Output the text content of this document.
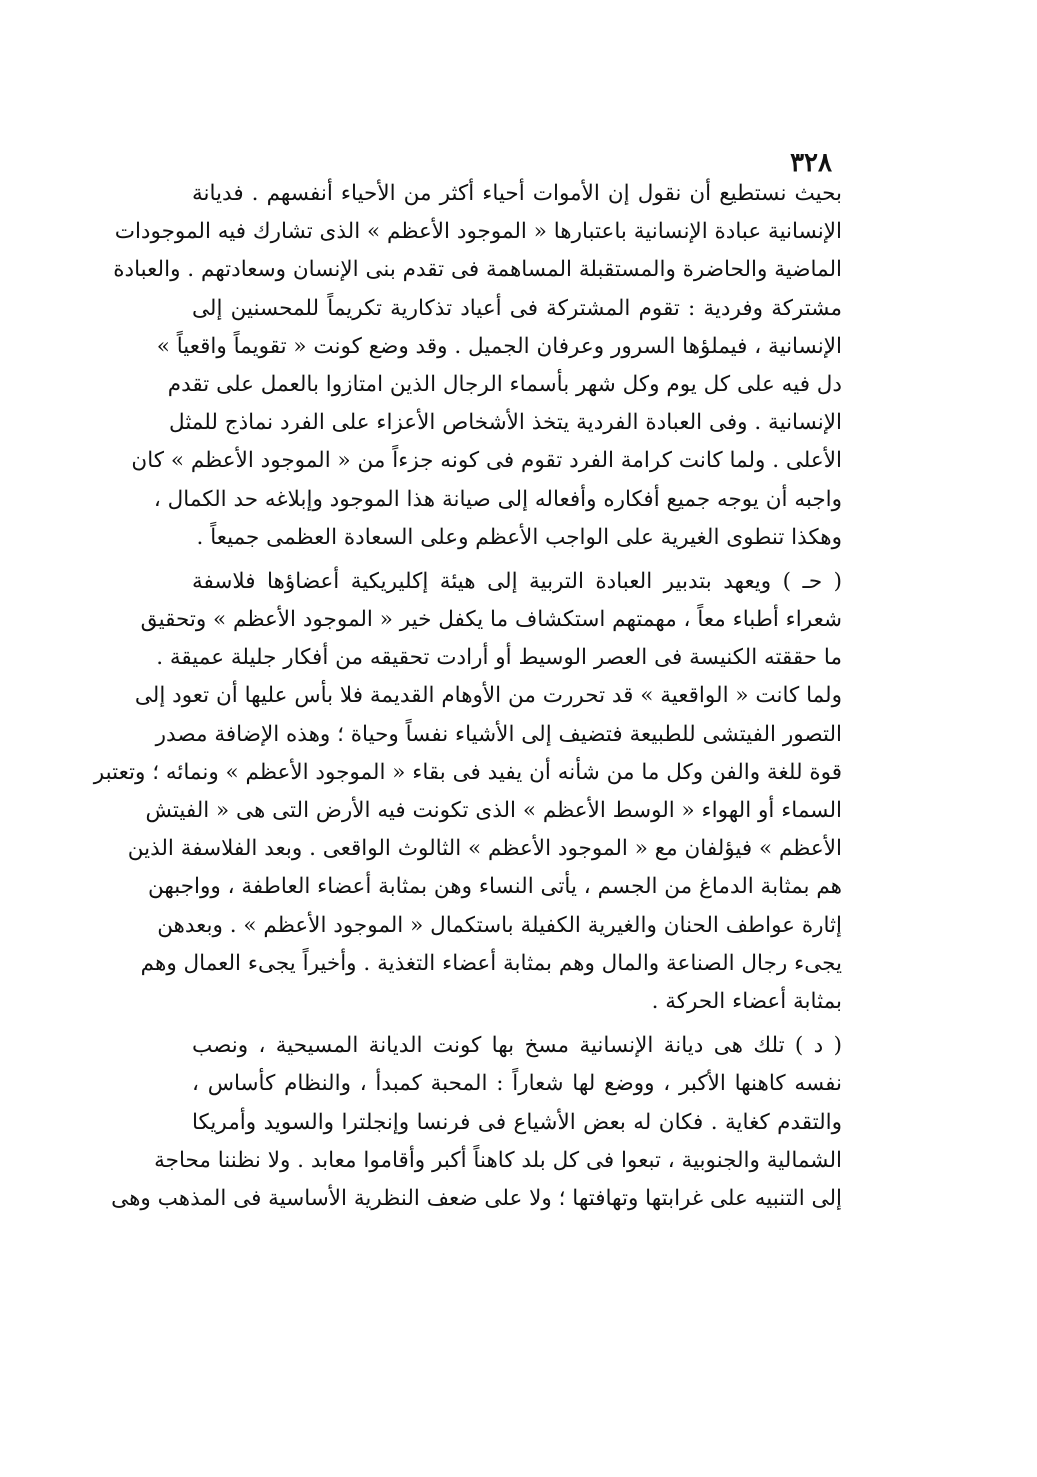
٣٢٨
بحيث نستطيع أن نقول إن الأموات أحياء أكثر من الأحياء أنفسهم . فديانة
الإنسانية عبادة الإنسانية باعتبارها « الموجود الأعظم » الذى تشارك فيه الموجودات
الماضية والحاضرة والمستقبلة المساهمة فى تقدم بنى الإنسان وسعادتهم . والعبادة
مشتركة وفردية : تقوم المشتركة فى أعياد تذكارية تكريماً للمحسنين إلى
الإنسانية ، فيملؤها السرور وعرفان الجميل . وقد وضع كونت « تقويماً واقعياً »
دل فيه على كل يوم وكل شهر بأسماء الرجال الذين امتازوا بالعمل على تقدم
الإنسانية . وفى العبادة الفردية يتخذ الأشخاص الأعزاء على الفرد نماذج للمثل
الأعلى . ولما كانت كرامة الفرد تقوم فى كونه جزءاً من « الموجود الأعظم » كان
واجبه أن يوجه جميع أفكاره وأفعاله إلى صيانة هذا الموجود وإبلاغه حد الكمال ،
وهكذا تنطوى الغيرية على الواجب الأعظم وعلى السعادة العظمى جميعاً .
( حـ ) ويعهد بتدبير العبادة التربية إلى هيئة إكليريكية أعضاؤها فلاسفة
شعراء أطباء معاً ، مهمتهم استكشاف ما يكفل خير « الموجود الأعظم » وتحقيق
ما حققته الكنيسة فى العصر الوسيط أو أرادت تحقيقه من أفكار جليلة عميقة .
ولما كانت « الواقعية » قد تحررت من الأوهام القديمة فلا بأس عليها أن تعود إلى
التصور الفيتشى للطبيعة فتضيف إلى الأشياء نفساً وحياة ؛ وهذه الإضافة مصدر
قوة للغة والفن وكل ما من شأنه أن يفيد فى بقاء « الموجود الأعظم » ونمائه ؛ وتعتبر
السماء أو الهواء « الوسط الأعظم » الذى تكونت فيه الأرض التى هى « الفيتش
الأعظم » فيؤلفان مع « الموجود الأعظم » الثالوث الواقعى . وبعد الفلاسفة الذين
هم بمثابة الدماغ من الجسم ، يأتى النساء وهن بمثابة أعضاء العاطفة ، وواجبهن
إثارة عواطف الحنان والغيرية الكفيلة باستكمال « الموجود الأعظم » . وبعدهن
يجىء رجال الصناعة والمال وهم بمثابة أعضاء التغذية . وأخيراً يجىء العمال وهم
بمثابة أعضاء الحركة .
( د ) تلك هى ديانة الإنسانية مسخ بها كونت الديانة المسيحية ، ونصب
نفسه كاهنها الأكبر ، ووضع لها شعاراً : المحبة كمبدأ ، والنظام كأساس ،
والتقدم كغاية . فكان له بعض الأشياع فى فرنسا وإنجلترا والسويد وأمريكا
الشمالية والجنوبية ، تبعوا فى كل بلد كاهناً أكبر وأقاموا معابد . ولا نظننا محاجة
إلى التنبيه على غرابتها وتهافتها ؛ ولا على ضعف النظرية الأساسية فى المذهب وهى
